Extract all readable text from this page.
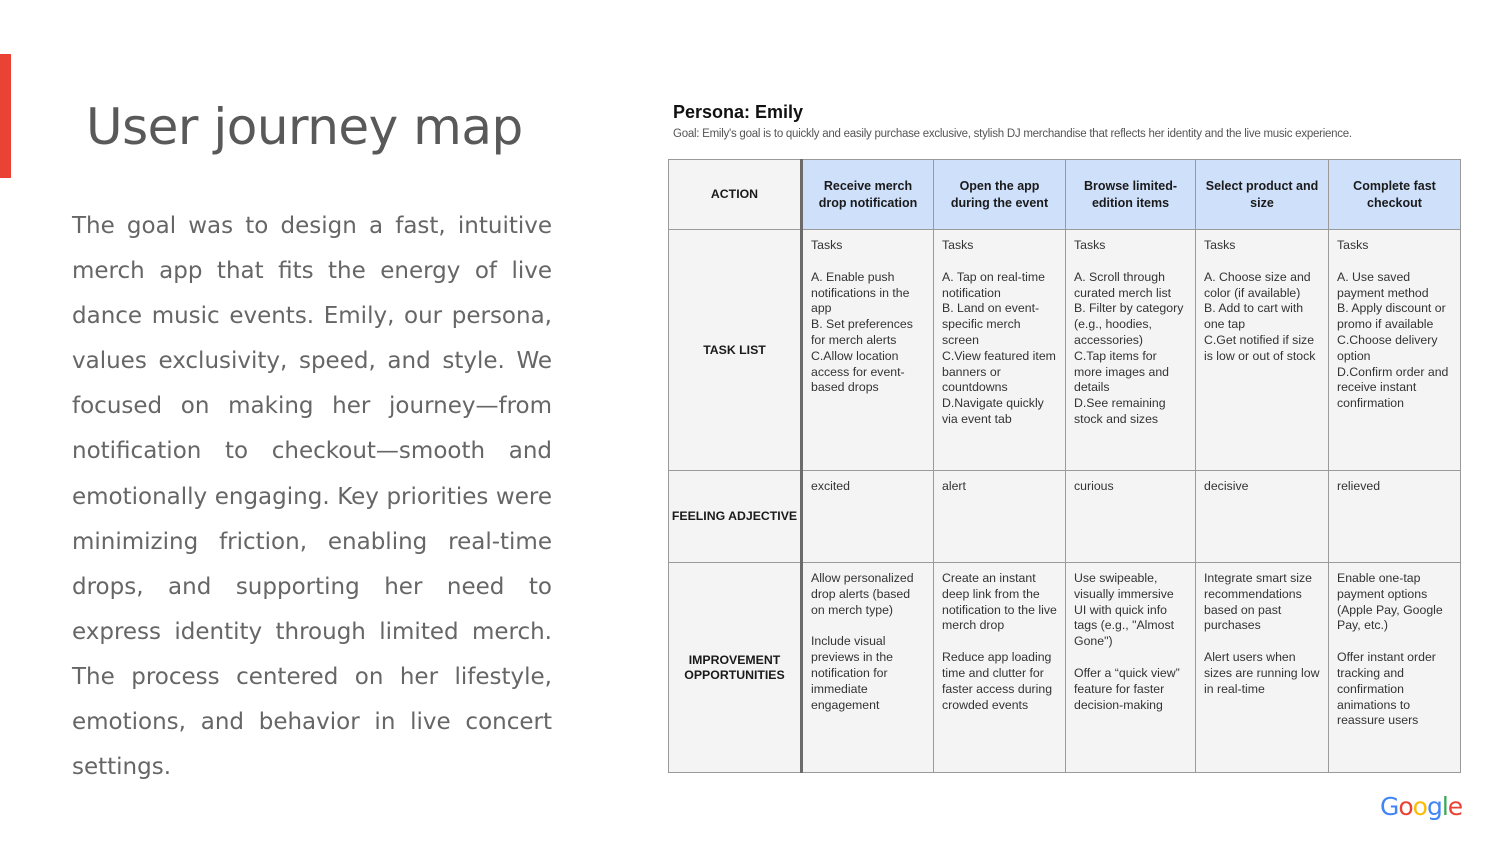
User journey map

The goal was to design a fast, intuitive merch app that fits the energy of live dance music events. Emily, our persona, values exclusivity, speed, and style. We focused on making her journey—from notification to checkout—smooth and emotionally engaging. Key priorities were minimizing friction, enabling real-time drops, and supporting her need to express identity through limited merch. The process centered on her lifestyle, emotions, and behavior in live concert settings.

Persona: Emily

Goal: Emily's goal is to quickly and easily purchase exclusive, stylish DJ merchandise that reflects her identity and the live music experience.

ACTION	Receive merch drop notification	Open the app during the event	Browse limited-edition items	Select product and size	Complete fast checkout
TASK LIST	Tasks
A. Enable push notifications in the app
B. Set preferences for merch alerts
C.Allow location access for event-based drops	Tasks
A. Tap on real-time notification
B. Land on event-specific merch screen
C.View featured item banners or countdowns
D.Navigate quickly via event tab	Tasks
A. Scroll through curated merch list
B. Filter by category (e.g., hoodies, accessories)
C.Tap items for more images and details
D.See remaining stock and sizes	Tasks
A. Choose size and color (if available)
B. Add to cart with one tap
C.Get notified if size is low or out of stock	Tasks
A. Use saved payment method
B. Apply discount or promo if available
C.Choose delivery option
D.Confirm order and receive instant confirmation

FEELING ADJECTIVE	excited	alert	curious	decisive	relieved
IMPROVEMENT OPPORTUNITIES	Allow personalized drop alerts (based on merch type)
Include visual previews in the notification for immediate engagement	Create an instant deep link from the notification to the live merch drop
Reduce app loading time and clutter for faster access during crowded events	Use swipeable, visually immersive UI with quick info tags (e.g., "Almost Gone")
Offer a “quick view” feature for faster decision-making	Integrate smart size recommendations based on past purchases
Alert users when sizes are running low in real-time	Enable one-tap payment options (Apple Pay, Google Pay, etc.)
Offer instant order tracking and confirmation animations to reassure users
Google
